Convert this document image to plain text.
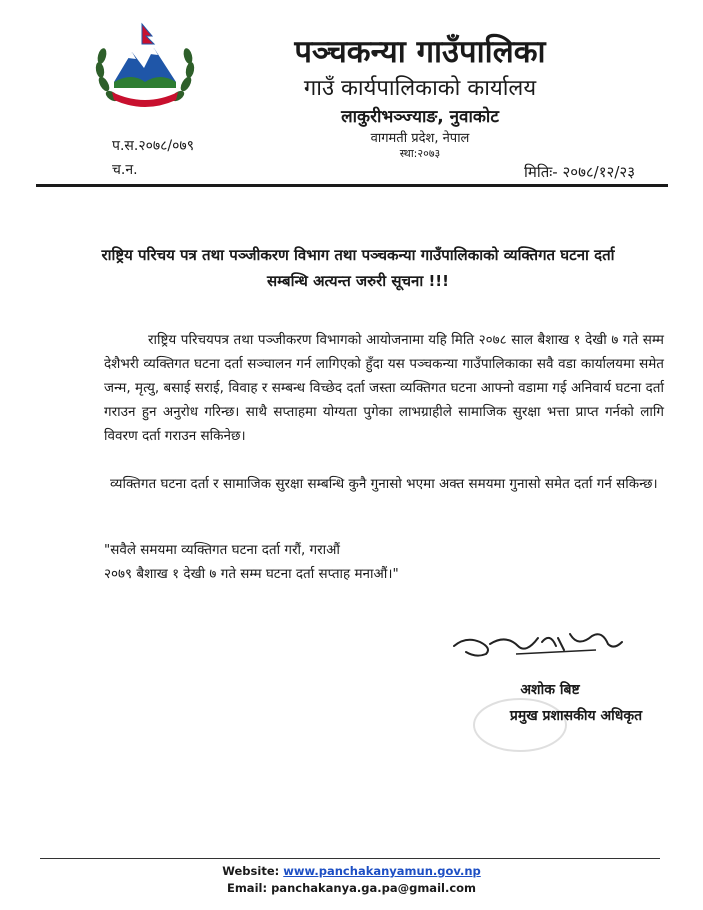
पञ्चकन्या गाउँपालिका
गाउँ कार्यपालिकाको कार्यालय
लाकुरीभञ्ज्याङ, नुवाकोट
वागमती प्रदेश, नेपाल
स्था:२०७३
प.स.२०७८/०७९
च.न.	मितिः- २०७८/१२/२३
राष्ट्रिय परिचय पत्र तथा पञ्जीकरण विभाग तथा पञ्चकन्या गाउँपालिकाको व्यक्तिगत घटना दर्ता सम्बन्धि अत्यन्त जरुरी सूचना !!!
राष्ट्रिय परिचयपत्र तथा पञ्जीकरण विभागको आयोजनामा यहि मिति २०७८ साल बैशाख १ देखी ७ गते सम्म देशैभरी व्यक्तिगत घटना दर्ता सञ्चालन गर्न लागिएको हुँदा यस पञ्चकन्या गाउँपालिकाका सवै वडा कार्यालयमा समेत जन्म, मृत्यु, बसाई सराई, विवाह र सम्बन्ध विच्छेद दर्ता जस्ता व्यक्तिगत घटना आफ्नो वडामा गई अनिवार्य घटना दर्ता गराउन हुन अनुरोध गरिन्छ। साथै सप्ताहमा योग्यता पुगेका लाभग्राहीले सामाजिक सुरक्षा भत्ता प्राप्त गर्नको लागि विवरण दर्ता गराउन सकिनेछ।
व्यक्तिगत घटना दर्ता र सामाजिक सुरक्षा सम्बन्धि कुनै गुनासो भएमा अक्त समयमा गुनासो समेत दर्ता गर्न सकिन्छ।
"सवैले समयमा व्यक्तिगत घटना दर्ता गरौं, गराऔं
२०७९ बैशाख १ देखी ७ गते सम्म घटना दर्ता सप्ताह मनाऔं।"
अशोक बिष्ट
प्रमुख प्रशासकीय अधिकृत
Website: www.panchakanyamun.gov.np
Email: panchakanya.ga.pa@gmail.com
